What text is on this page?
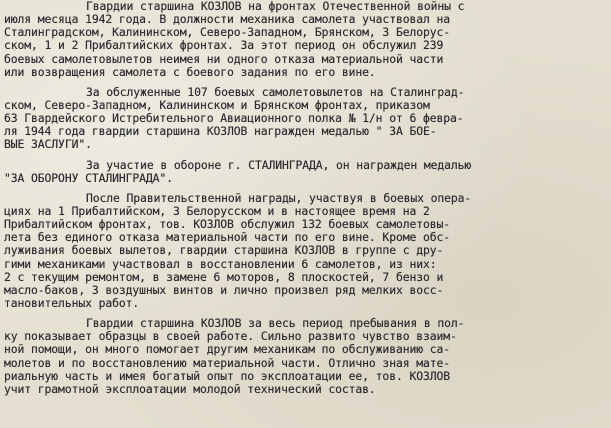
Гвардии старшина КОЗЛОВ на фронтах Отечественной войны с
июля месяца 1942 года. В должности механика самолета участвовал на
Сталинградском, Калининском, Северо-Западном, Брянском, 3 Белорус-
ском, 1 и 2 Прибалтийских фронтах. За этот период он обслужил 239
боевых самолетовылетов неимея ни одного отказа материальной части
или возвращения самолета с боевого задания по его вине.
За обслуженные 107 боевых самолетовылетов на Сталинград-
ском, Северо-Западном, Калининском и Брянском фронтах, приказом
63 Гвардейского Истребительного Авиационного полка № 1/н от 6 февра-
ля 1944 года гвардии старшина КОЗЛОВ награжден медалью " ЗА БОЕ-
ВЫЕ ЗАСЛУГИ".
За участие в обороне г. СТАЛИНГРАДА, он награжден медалью
"ЗА ОБОРОНУ СТАЛИНГРАДА".
После Правительственной награды, участвуя в боевых опера-
циях на 1 Прибалтийском, 3 Белорусском и в настоящее время на 2
Прибалтийском фронтах, тов. КОЗЛОВ обслужил 132 боевых самолетовы-
лета без единого отказа материальной части по его вине. Кроме обс-
луживания боевых вылетов, гвардии старшина КОЗЛОВ в группе с дру-
гими механиками участвовал в восстановлении 6 самолетов, из них:
2 с текущим ремонтом, в замене 6 моторов, 8 плоскостей, 7 бензо и
масло-баков, 3 воздушных винтов и лично произвел ряд мелких восс-
тановительных работ.
Гвардии старшина КОЗЛОВ за весь период пребывания в пол-
ку показывает образцы в своей работе. Сильно развито чувство взаим-
ной помощи, он много помогает другим механикам по обслуживанию са-
молетов и по восстановлению материальной части. Отлично зная мате-
риальную часть и имея богатый опыт по эксплоатации ее, тов. КОЗЛОВ
учит грамотной эксплоатации молодой технический состав.
